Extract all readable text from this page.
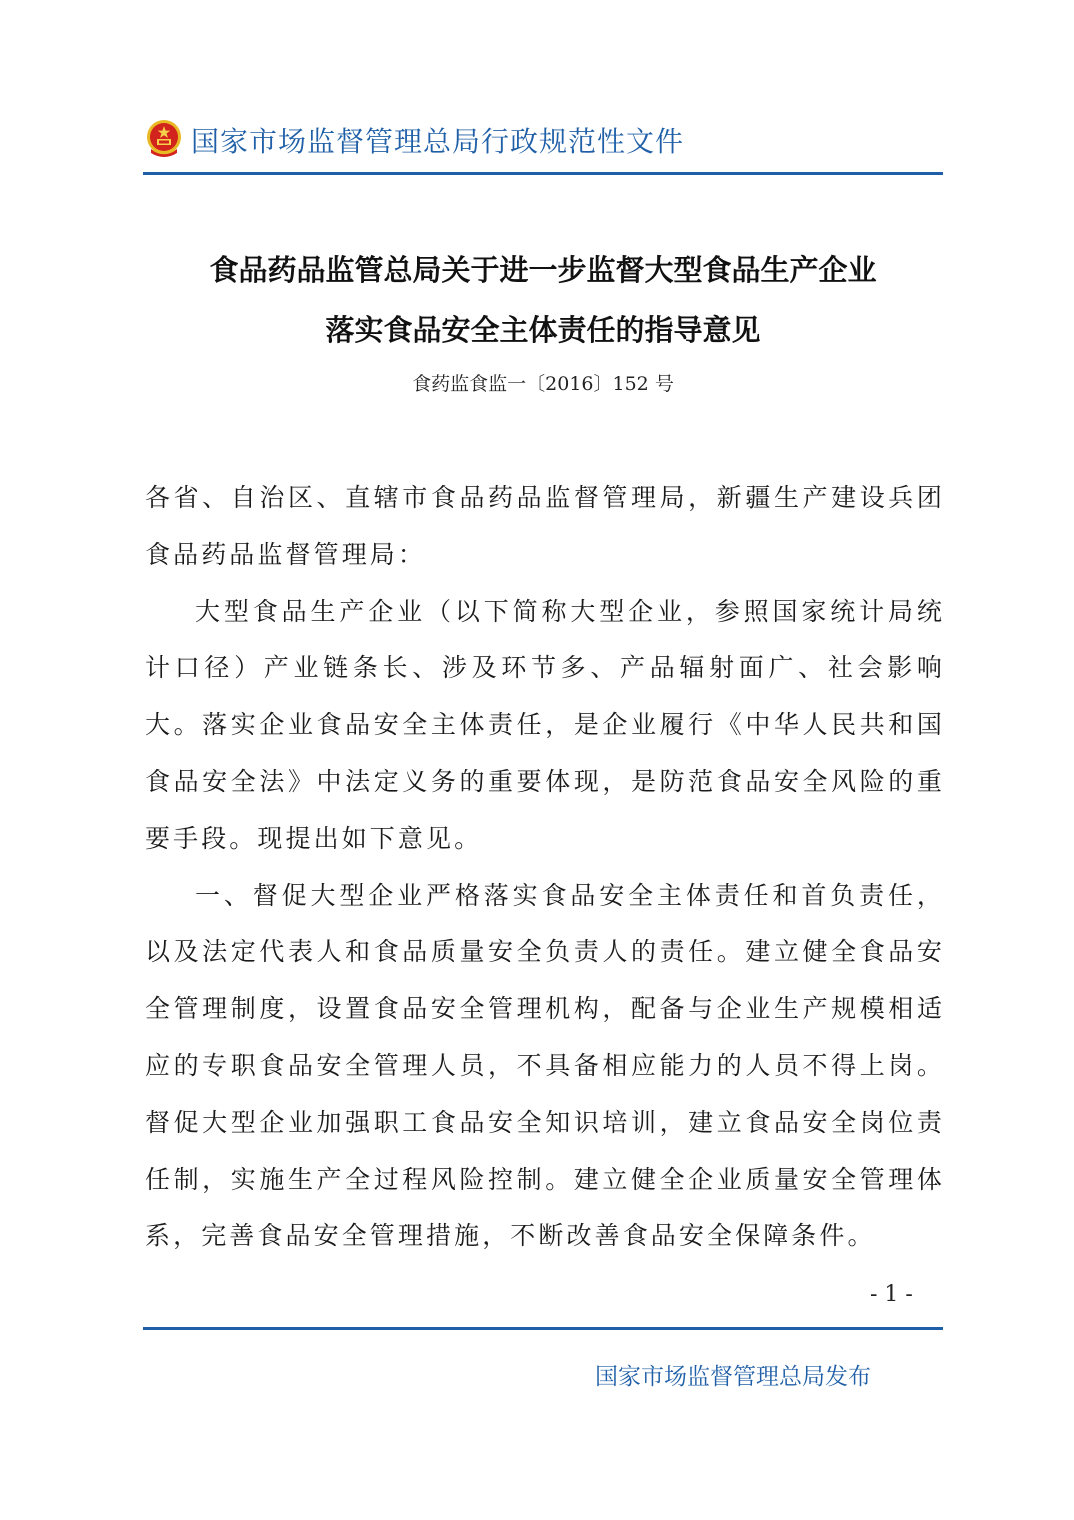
国家市场监督管理总局行政规范性文件
食品药品监管总局关于进一步监督大型食品生产企业
落实食品安全主体责任的指导意见
食药监食监一〔2016〕152 号

各省、自治区、直辖市食品药品监督管理局，新疆生产建设兵团食品药品监督管理局：

大型食品生产企业（以下简称大型企业，参照国家统计局统计口径）产业链条长、涉及环节多、产品辐射面广、社会影响大。落实企业食品安全主体责任，是企业履行《中华人民共和国食品安全法》中法定义务的重要体现，是防范食品安全风险的重要手段。现提出如下意见。

一、督促大型企业严格落实食品安全主体责任和首负责任，以及法定代表人和食品质量安全负责人的责任。建立健全食品安全管理制度，设置食品安全管理机构，配备与企业生产规模相适应的专职食品安全管理人员，不具备相应能力的人员不得上岗。督促大型企业加强职工食品安全知识培训，建立食品安全岗位责任制，实施生产全过程风险控制。建立健全企业质量安全管理体系，完善食品安全管理措施，不断改善食品安全保障条件。

- 1 -
国家市场监督管理总局发布
